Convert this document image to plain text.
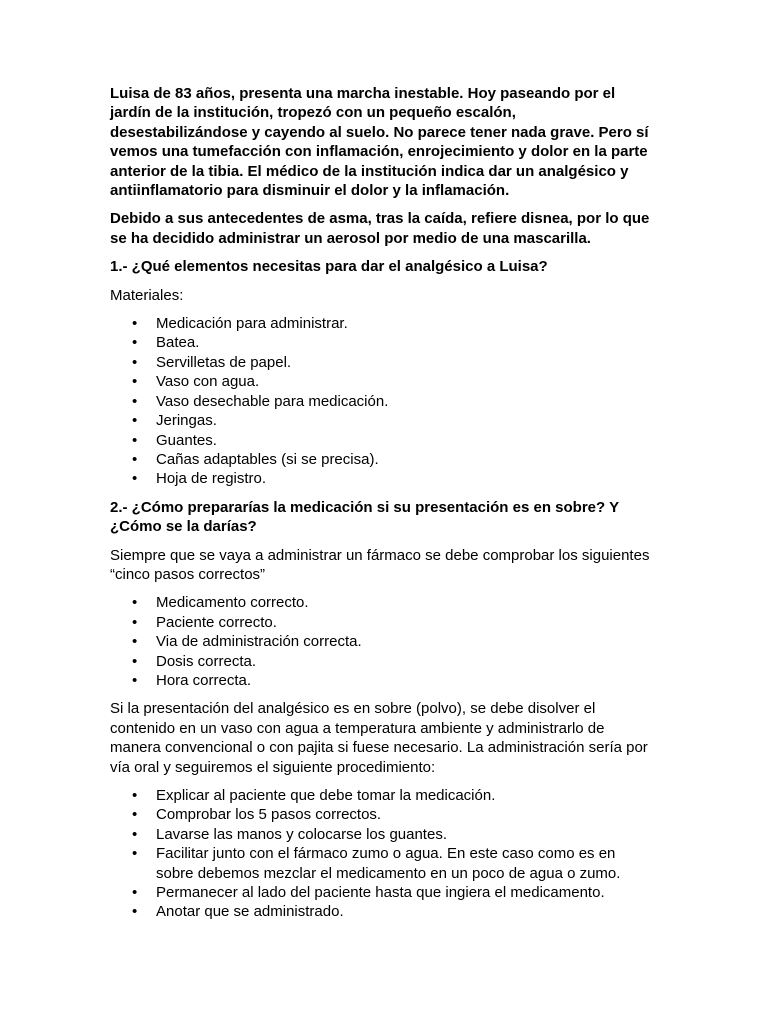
Luisa de 83 años, presenta una marcha inestable. Hoy paseando por el jardín de la institución, tropezó con un pequeño escalón, desestabilizándose y cayendo al suelo. No parece tener nada grave. Pero sí vemos una tumefacción con inflamación, enrojecimiento y dolor en la parte anterior de la tibia. El médico de la institución indica dar un analgésico y antiinflamatorio para disminuir el dolor y la inflamación.

Debido a sus antecedentes de asma, tras la caída, refiere disnea, por lo que se ha decidido administrar un aerosol por medio de una mascarilla.

1.- ¿Qué elementos necesitas para dar el analgésico a Luisa?

Materiales:

• Medicación para administrar.
• Batea.
• Servilletas de papel.
• Vaso con agua.
• Vaso desechable para medicación.
• Jeringas.
• Guantes.
• Cañas adaptables (si se precisa).
• Hoja de registro.

2.- ¿Cómo prepararías la medicación si su presentación es en sobre? Y ¿Cómo se la darías?

Siempre que se vaya a administrar un fármaco se debe comprobar los siguientes “cinco pasos correctos”

• Medicamento correcto.
• Paciente correcto.
• Via de administración correcta.
• Dosis correcta.
• Hora correcta.

Si la presentación del analgésico es en sobre (polvo), se debe disolver el contenido en un vaso con agua a temperatura ambiente y administrarlo de manera convencional o con pajita si fuese necesario. La administración sería por vía oral y seguiremos el siguiente procedimiento:

• Explicar al paciente que debe tomar la medicación.
• Comprobar los 5 pasos correctos.
• Lavarse las manos y colocarse los guantes.
• Facilitar junto con el fármaco zumo o agua. En este caso como es en sobre debemos mezclar el medicamento en un poco de agua o zumo.
• Permanecer al lado del paciente hasta que ingiera el medicamento.
• Anotar que se administrado.
